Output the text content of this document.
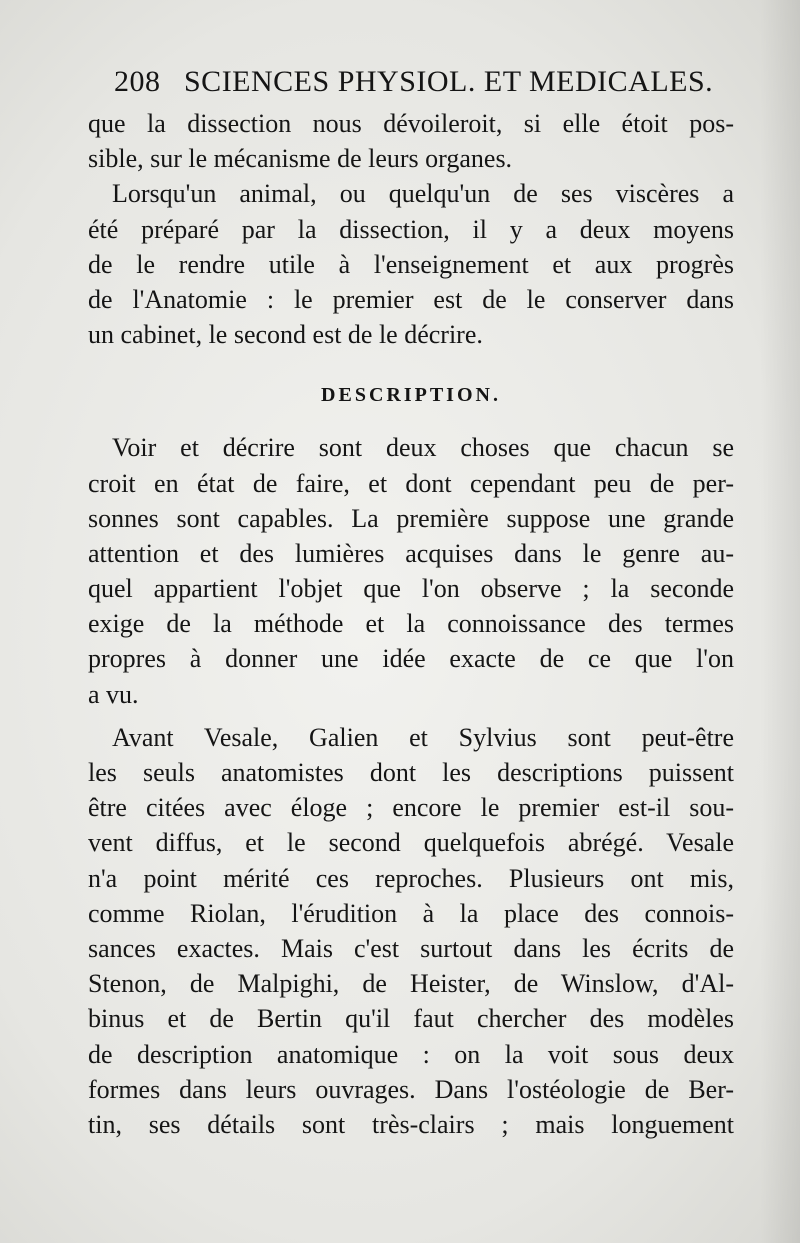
208 SCIENCES PHYSIOL. ET MEDICALES.
que la dissection nous dévoileroit, si elle étoit pos-
sible, sur le mécanisme de leurs organes.
Lorsqu'un animal, ou quelqu'un de ses viscères a
été préparé par la dissection, il y a deux moyens
de le rendre utile à l'enseignement et aux progrès
de l'Anatomie : le premier est de le conserver dans
un cabinet, le second est de le décrire.
DESCRIPTION.
Voir et décrire sont deux choses que chacun se
croit en état de faire, et dont cependant peu de per-
sonnes sont capables. La première suppose une grande
attention et des lumières acquises dans le genre au-
quel appartient l'objet que l'on observe ; la seconde
exige de la méthode et la connoissance des termes
propres à donner une idée exacte de ce que l'on
a vu.
Avant Vesale, Galien et Sylvius sont peut-être
les seuls anatomistes dont les descriptions puissent
être citées avec éloge ; encore le premier est-il sou-
vent diffus, et le second quelquefois abrégé. Vesale
n'a point mérité ces reproches. Plusieurs ont mis,
comme Riolan, l'érudition à la place des connois-
sances exactes. Mais c'est surtout dans les écrits de
Stenon, de Malpighi, de Heister, de Winslow, d'Al-
binus et de Bertin qu'il faut chercher des modèles
de description anatomique : on la voit sous deux
formes dans leurs ouvrages. Dans l'ostéologie de Ber-
tin, ses détails sont très-clairs ; mais longuement
